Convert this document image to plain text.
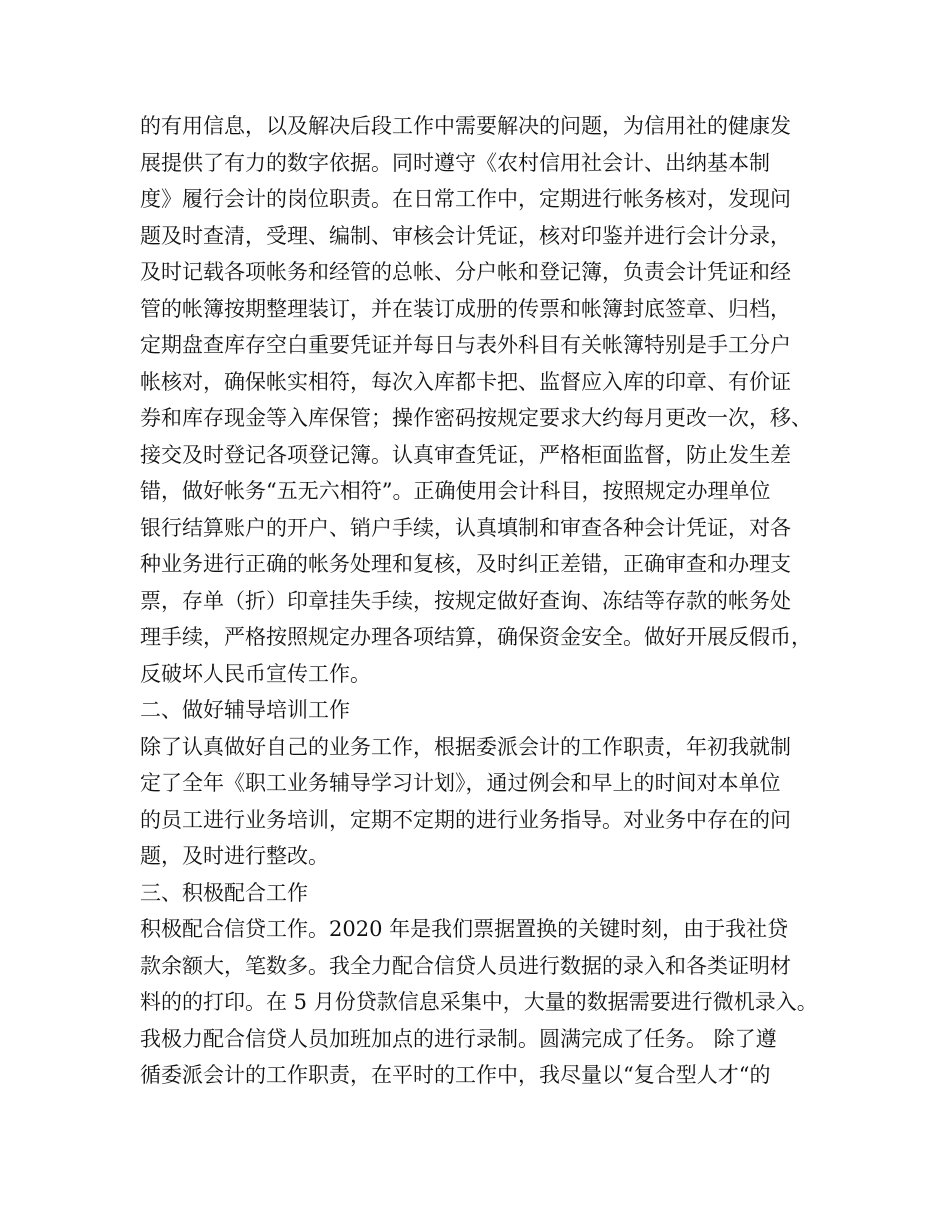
的有用信息，以及解决后段工作中需要解决的问题，为信用社的健康发
展提供了有力的数字依据。同时遵守《农村信用社会计、出纳基本制
度》履行会计的岗位职责。在日常工作中，定期进行帐务核对，发现问
题及时查清，受理、编制、审核会计凭证，核对印鉴并进行会计分录，
及时记载各项帐务和经管的总帐、分户帐和登记簿，负责会计凭证和经
管的帐簿按期整理装订，并在装订成册的传票和帐簿封底签章、归档，
定期盘查库存空白重要凭证并每日与表外科目有关帐簿特别是手工分户
帐核对，确保帐实相符，每次入库都卡把、监督应入库的印章、有价证
券和库存现金等入库保管；操作密码按规定要求大约每月更改一次，移、
接交及时登记各项登记簿。认真审查凭证，严格柜面监督，防止发生差
错，做好帐务“五无六相符”。正确使用会计科目，按照规定办理单位
银行结算账户的开户、销户手续，认真填制和审查各种会计凭证，对各
种业务进行正确的帐务处理和复核，及时纠正差错，正确审查和办理支
票，存单（折）印章挂失手续，按规定做好查询、冻结等存款的帐务处
理手续，严格按照规定办理各项结算，确保资金安全。做好开展反假币，
反破坏人民币宣传工作。
二、做好辅导培训工作
除了认真做好自己的业务工作，根据委派会计的工作职责，年初我就制
定了全年《职工业务辅导学习计划》，通过例会和早上的时间对本单位
的员工进行业务培训，定期不定期的进行业务指导。对业务中存在的问
题，及时进行整改。
三、积极配合工作
积极配合信贷工作。2020 年是我们票据置换的关键时刻，由于我社贷
款余额大，笔数多。我全力配合信贷人员进行数据的录入和各类证明材
料的的打印。在 5 月份贷款信息采集中，大量的数据需要进行微机录入。
我极力配合信贷人员加班加点的进行录制。圆满完成了任务。 除了遵
循委派会计的工作职责，在平时的工作中，我尽量以“复合型人才“的
